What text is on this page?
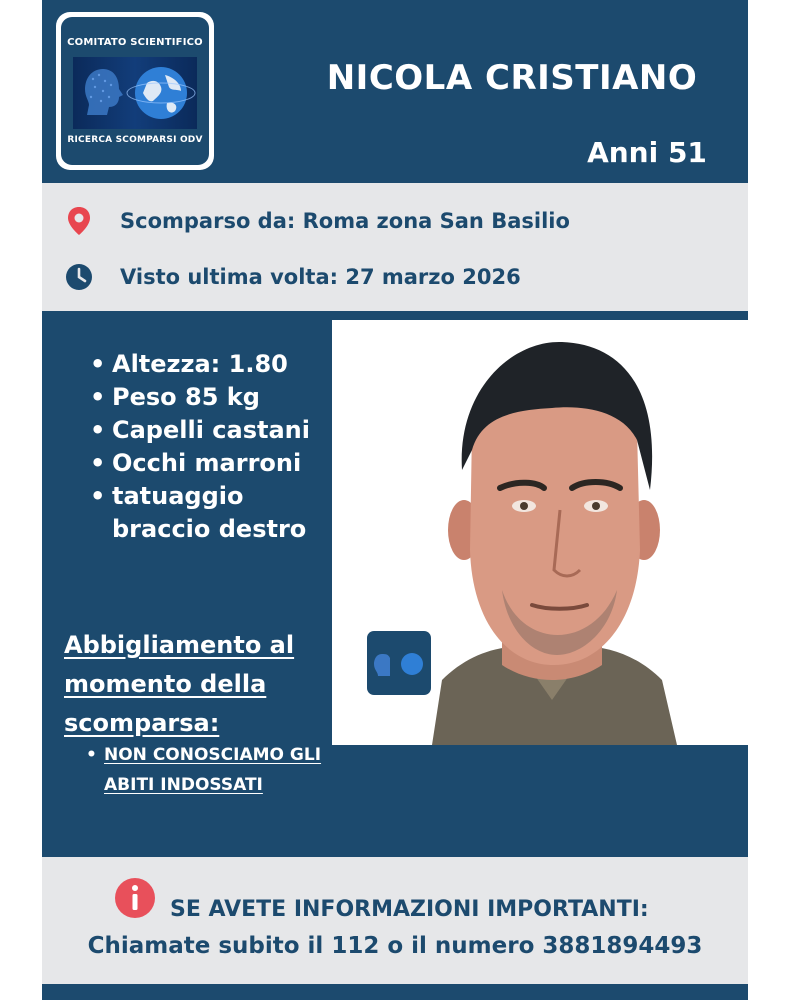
COMITATO SCIENTIFICO
RICERCA SCOMPARSI ODV
NICOLA CRISTIANO
Anni 51
Scomparso da: Roma zona San Basilio
Visto ultima volta: 27 marzo 2026
• Altezza: 1.80
• Peso 85 kg
• Capelli castani
• Occhi marroni
• tatuaggio braccio destro
Abbigliamento al momento della scomparsa:
• NON CONOSCIAMO GLI ABITI INDOSSATI
SE AVETE INFORMAZIONI IMPORTANTI:
Chiamate subito il 112 o il numero 3881894493
